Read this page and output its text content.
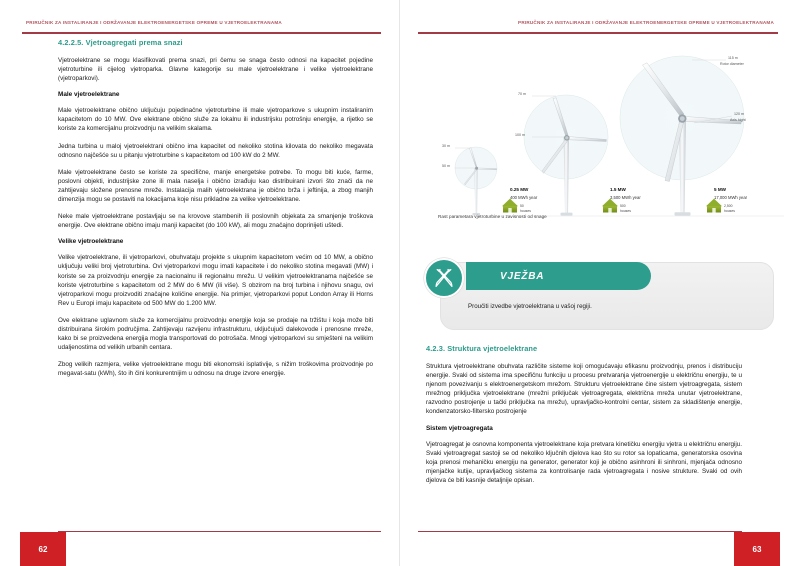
PRIRUČNIK ZA INSTALIRANJE I ODRŽAVANJE ELEKTROENERGETSKE OPREME U VJETROELEKTRANAMA
4.2.2.5. Vjetroagregati prema snazi

Vjetroelektrane se mogu klasifikovati prema snazi, pri čemu se snaga često odnosi na kapacitet pojedine vjetroturbine ili cijelog vjetroparka. Glavne kategorije su male vjetroelektrane i velike vjetroelektrane (vjetroparkovi).

Male vjetroelektrane

Male vjetroelektrane obično uključuju pojedinačne vjetroturbine ili male vjetroparkove s ukupnim instaliranim kapacitetom do 10 MW. Ove elektrane obično služe za lokalnu ili industrijsku potrošnju energije, a rijetko se koriste za komercijalnu proizvodnju na velikim skalama.

Jedna turbina u maloj vjetroelektrani obično ima kapacitet od nekoliko stotina kilovata do nekoliko megavata odnosno najčešće su u pitanju vjetroturbine s kapacitetom od 100 kW do 2 MW.

Male vjetroelektrane često se koriste za specifične, manje energetske potrebe. To mogu biti kuće, farme, poslovni objekti, industrijske zone ili mala naselja i obično izrađuju kao distribuirani izvori što znači da ne zahtijevaju složene prenosne mreže. Instalacija malih vjetroelektrana je obično brža i jeftinija, a zbog manjih dimenzija mogu se postaviti na lokacijama koje nisu prikladne za velike vjetroelektrane.

Neke male vjetroelektrane postavljaju se na krovove stambenih ili poslovnih objekata za smanjenje troškova energije. Ove elektrane obično imaju manji kapacitet (do 100 kW), ali mogu značajno doprinijeti uštedi.

Velike vjetroelektrane

Velike vjetroelektrane, ili vjetroparkovi, obuhvataju projekte s ukupnim kapacitetom većim od 10 MW, a obično uključuju veliki broj vjetroturbina. Ovi vjetroparkovi mogu imati kapacitete i do nekoliko stotina megavati (MW) i koriste se za proizvodnju energije za nacionalnu ili regionalnu mrežu. U velikim vjetroelektranama najčešće se koriste vjetroturbine s kapacitetom od 2 MW do 6 MW (ili više). S obzirom na broj turbina i njihovu snagu, ovi vjetroparkovi mogu proizvoditi značajne količine energije. Na primjer, vjetroparkovi poput London Array ili Horns Rev u Europi imaju kapacitete od 500 MW do 1.200 MW.

Ove elektrane uglavnom služe za komercijalnu proizvodnju energije koja se prodaje na tržištu i koja može biti distribuirana širokim područjima. Zahtijevaju razvijenu infrastrukturu, uključujući dalekovode i prenosne mreže, kako bi se proizvedena energija mogla transportovati do potrošača. Mnogi vjetroparkovi su smješteni na velikim udaljenostima od velikih urbanih centara.

Zbog velikih razmjera, velike vjetroelektrane mogu biti ekonomski isplativije, s nižim troškovima proizvodnje po megavat-satu (kWh), što ih čini konkurentnijim u odnosu na druge izvore energije.

62
PRIRUČNIK ZA INSTALIRANJE I ODRŽAVANJE ELEKTROENERGETSKE OPREME U VJETROELEKTRANAMA
30 m
50 m
0.25 MW
400 MWh year
50
houses
70 m
100 m
1.5 MW
3,500 MWh year
500
houses
115 m
Rotor diameter
120 m
Axis hight
5 MW
17,000 MWh year
2,500
houses
Rast parametara vjetroturbine u zavisnosti od snage
VJEŽBA
Proučiti izvedbe vjetroelektrana u vašoj regiji.
4.2.3. Struktura vjetroelektrane

Struktura vjetroelektrane obuhvata različite sisteme koji omogućavaju efikasnu proizvodnju, prenos i distribuciju energije. Svaki od sistema ima specifičnu funkciju u procesu pretvaranja vjetroenergije u električnu energiju, te u njenom povezivanju s elektroenergetskom mrežom. Strukturu vjetroelektrane čine sistem vjetroagregata, sistem mrežnog priključka vjetroelektrane (mrežni priključak vjetroagregata, električna mreža unutar vjetroelektrane, razvodno postrojenje u tački priključka na mrežu), upravljačko-kontrolni centar, sistem za skladištenje energije, kondenzatorsko-filtersko postrojenje

Sistem vjetroagregata

Vjetroagregat je osnovna komponenta vjetroelektrane koja pretvara kinetičku energiju vjetra u električnu energiju. Svaki vjetroagregat sastoji se od nekoliko ključnih djelova kao što su rotor sa lopaticama, generatorska osovina koja prenosi mehaničku energiju na generator, generator koji je obično asinhroni ili sinhroni, mjenjača odnosno mjenjačke kutije, upravljačkog sistema za kontrolisanje rada vjetroagregata i nosive strukture. Svaki od ovih djelova će biti kasnije detaljnije opisan.

63
